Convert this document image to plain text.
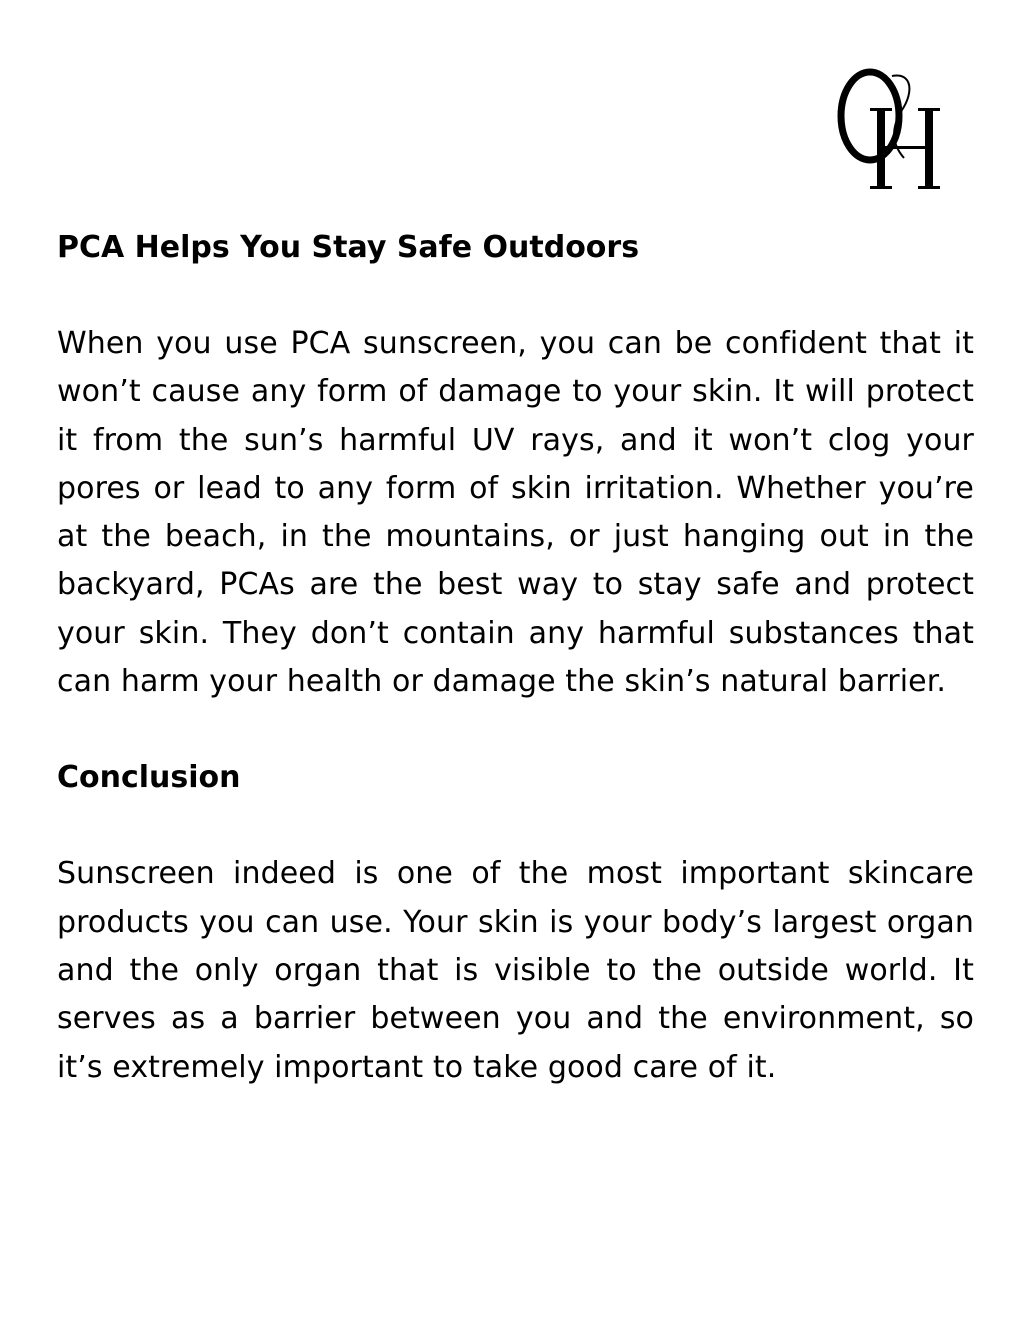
PCA Helps You Stay Safe Outdoors

When you use PCA sunscreen, you can be confident that it won’t cause any form of damage to your skin. It will protect it from the sun’s harmful UV rays, and it won’t clog your pores or lead to any form of skin irritation. Whether you’re at the beach, in the mountains, or just hanging out in the backyard, PCAs are the best way to stay safe and protect your skin. They don’t contain any harmful substances that can harm your health or damage the skin’s natural barrier.

Conclusion

Sunscreen indeed is one of the most important skincare products you can use. Your skin is your body’s largest organ and the only organ that is visible to the outside world. It serves as a barrier between you and the environment, so it’s extremely important to take good care of it.
